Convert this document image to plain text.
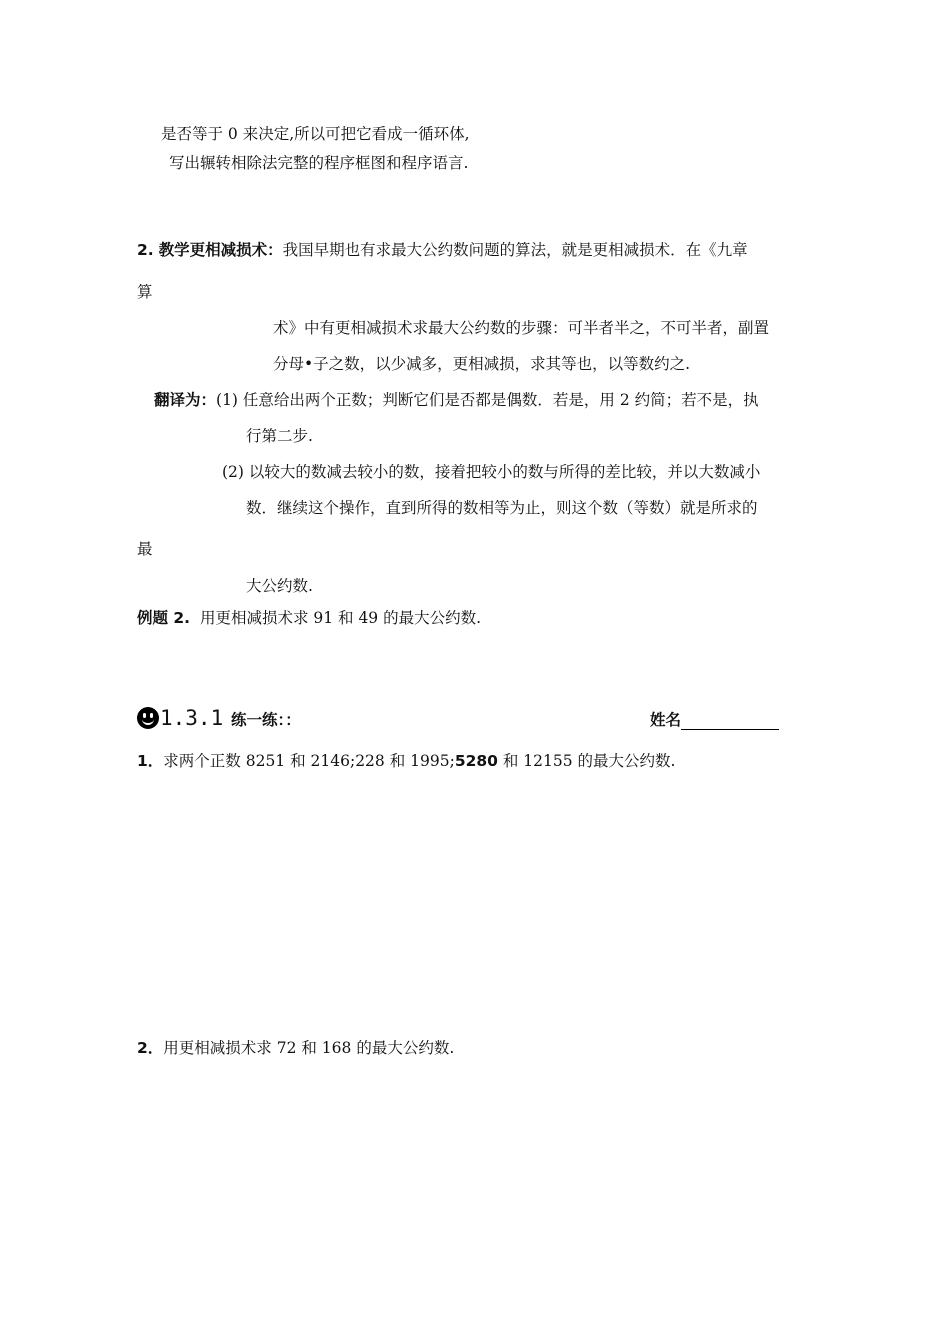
是否等于 0 来决定,所以可把它看成一循环体,
写出辗转相除法完整的程序框图和程序语言.
2. 教学更相减损术：我国早期也有求最大公约数问题的算法，就是更相减损术．在《九章
算
术》中有更相减损术求最大公约数的步骤：可半者半之，不可半者，副置
分母•子之数，以少减多，更相减损，求其等也，以等数约之.
翻译为：(1) 任意给出两个正数；判断它们是否都是偶数．若是，用 2 约简；若不是，执
行第二步.
(2) 以较大的数减去较小的数，接着把较小的数与所得的差比较，并以大数减小
数．继续这个操作，直到所得的数相等为止，则这个数（等数）就是所求的
最
大公约数.
例题 2. 用更相减损术求 91 和 49 的最大公约数.
1.3.1 练一练：：	姓名
1．求两个正数 8251 和 2146;228 和 1995;5280 和 12155 的最大公约数.
2．用更相减损术求 72 和 168 的最大公约数.
